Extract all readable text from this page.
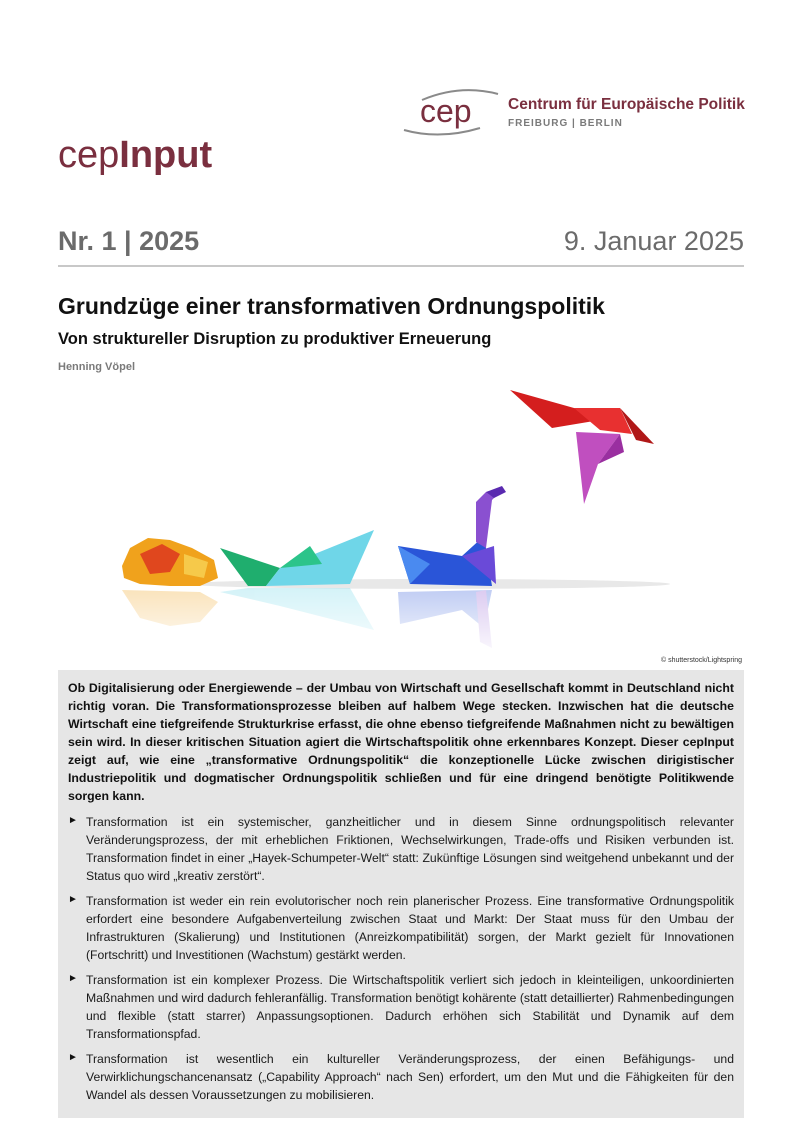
cep Centrum für Europäische Politik
FREIBURG | BERLIN
cepInput
Nr. 1 | 2025	9. Januar 2025
Grundzüge einer transformativen Ordnungspolitik
Von struktureller Disruption zu produktiver Erneuerung
Henning Vöpel
© shutterstock/Lightspring

Ob Digitalisierung oder Energiewende – der Umbau von Wirtschaft und Gesellschaft kommt in Deutschland nicht richtig voran. Die Transformationsprozesse bleiben auf halbem Wege stecken. Inzwischen hat die deutsche Wirtschaft eine tiefgreifende Strukturkrise erfasst, die ohne ebenso tiefgreifende Maßnahmen nicht zu bewältigen sein wird. In dieser kritischen Situation agiert die Wirtschaftspolitik ohne erkennbares Konzept. Dieser cepInput zeigt auf, wie eine „transformative Ordnungspolitik“ die konzeptionelle Lücke zwischen dirigistischer Industriepolitik und dogmatischer Ordnungspolitik schließen und für eine dringend benötigte Politikwende sorgen kann.

► Transformation ist ein systemischer, ganzheitlicher und in diesem Sinne ordnungspolitisch relevanter Veränderungsprozess, der mit erheblichen Friktionen, Wechselwirkungen, Trade-offs und Risiken verbunden ist. Transformation findet in einer „Hayek-Schumpeter-Welt“ statt: Zukünftige Lösungen sind weitgehend unbekannt und der Status quo wird „kreativ zerstört“.

► Transformation ist weder ein rein evolutorischer noch rein planerischer Prozess. Eine transformative Ordnungspolitik erfordert eine besondere Aufgabenverteilung zwischen Staat und Markt: Der Staat muss für den Umbau der Infrastrukturen (Skalierung) und Institutionen (Anreizkompatibilität) sorgen, der Markt gezielt für Innovationen (Fortschritt) und Investitionen (Wachstum) gestärkt werden.

► Transformation ist ein komplexer Prozess. Die Wirtschaftspolitik verliert sich jedoch in kleinteiligen, unkoordinierten Maßnahmen und wird dadurch fehleranfällig. Transformation benötigt kohärente (statt detaillierter) Rahmenbedingungen und flexible (statt starrer) Anpassungsoptionen. Dadurch erhöhen sich Stabilität und Dynamik auf dem Transformationspfad.

► Transformation ist wesentlich ein kultureller Veränderungsprozess, der einen Befähigungs- und Verwirklichungschancenansatz („Capability Approach“ nach Sen) erfordert, um den Mut und die Fähigkeiten für den Wandel als dessen Voraussetzungen zu mobilisieren.
